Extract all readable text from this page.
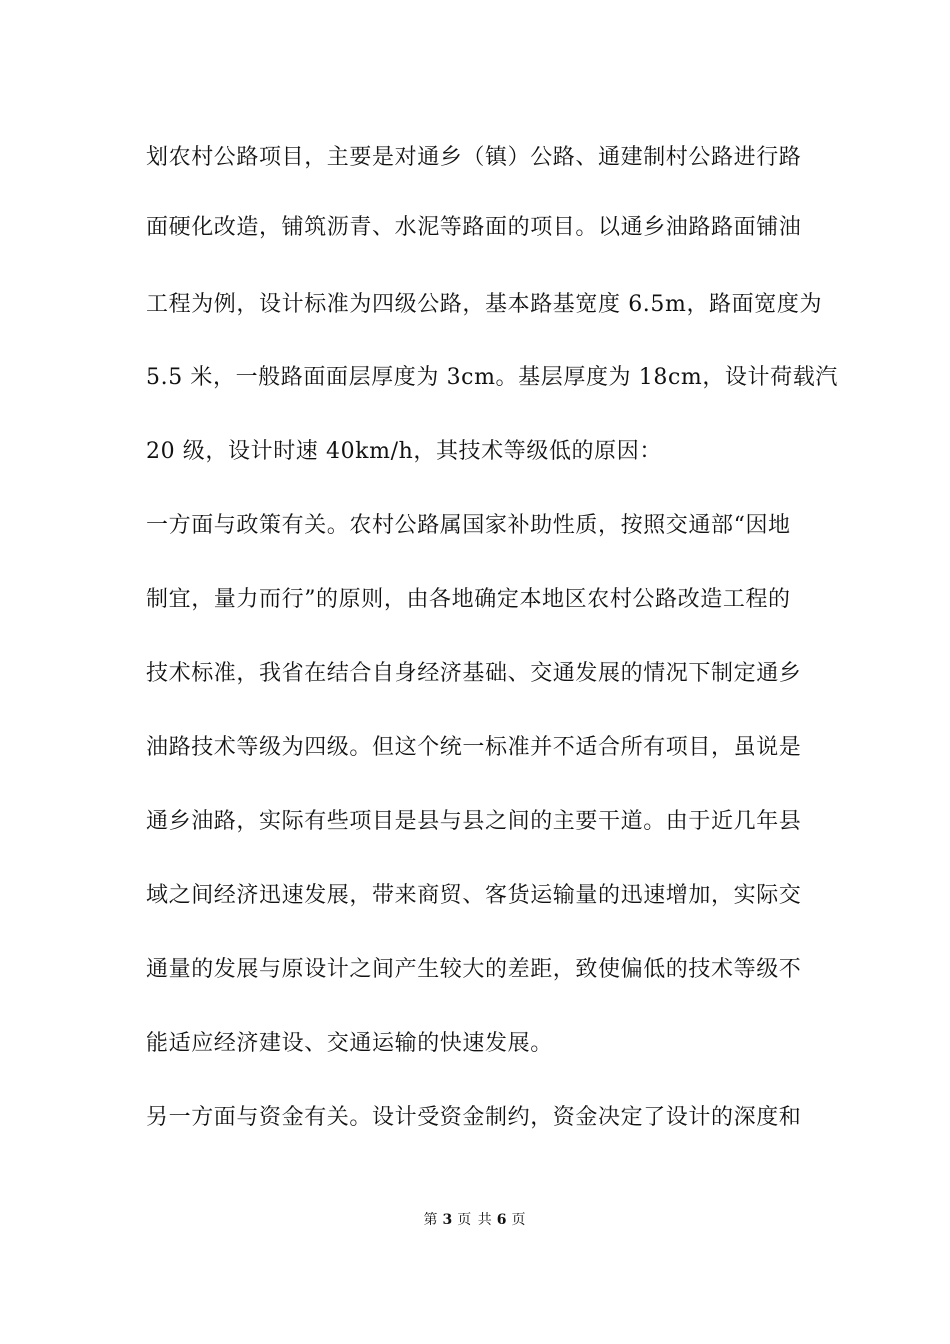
划农村公路项目，主要是对通乡（镇）公路、通建制村公路进行路
面硬化改造，铺筑沥青、水泥等路面的项目。以通乡油路路面铺油
工程为例，设计标准为四级公路，基本路基宽度 6.5m，路面宽度为
5.5 米，一般路面面层厚度为 3cm。基层厚度为 18cm，设计荷载汽
20 级，设计时速 40km/h，其技术等级低的原因：
一方面与政策有关。农村公路属国家补助性质，按照交通部“因地
制宜，量力而行”的原则，由各地确定本地区农村公路改造工程的
技术标准，我省在结合自身经济基础、交通发展的情况下制定通乡
油路技术等级为四级。但这个统一标准并不适合所有项目，虽说是
通乡油路，实际有些项目是县与县之间的主要干道。由于近几年县
域之间经济迅速发展，带来商贸、客货运输量的迅速增加，实际交
通量的发展与原设计之间产生较大的差距，致使偏低的技术等级不
能适应经济建设、交通运输的快速发展。
另一方面与资金有关。设计受资金制约，资金决定了设计的深度和
第 3 页 共 6 页
